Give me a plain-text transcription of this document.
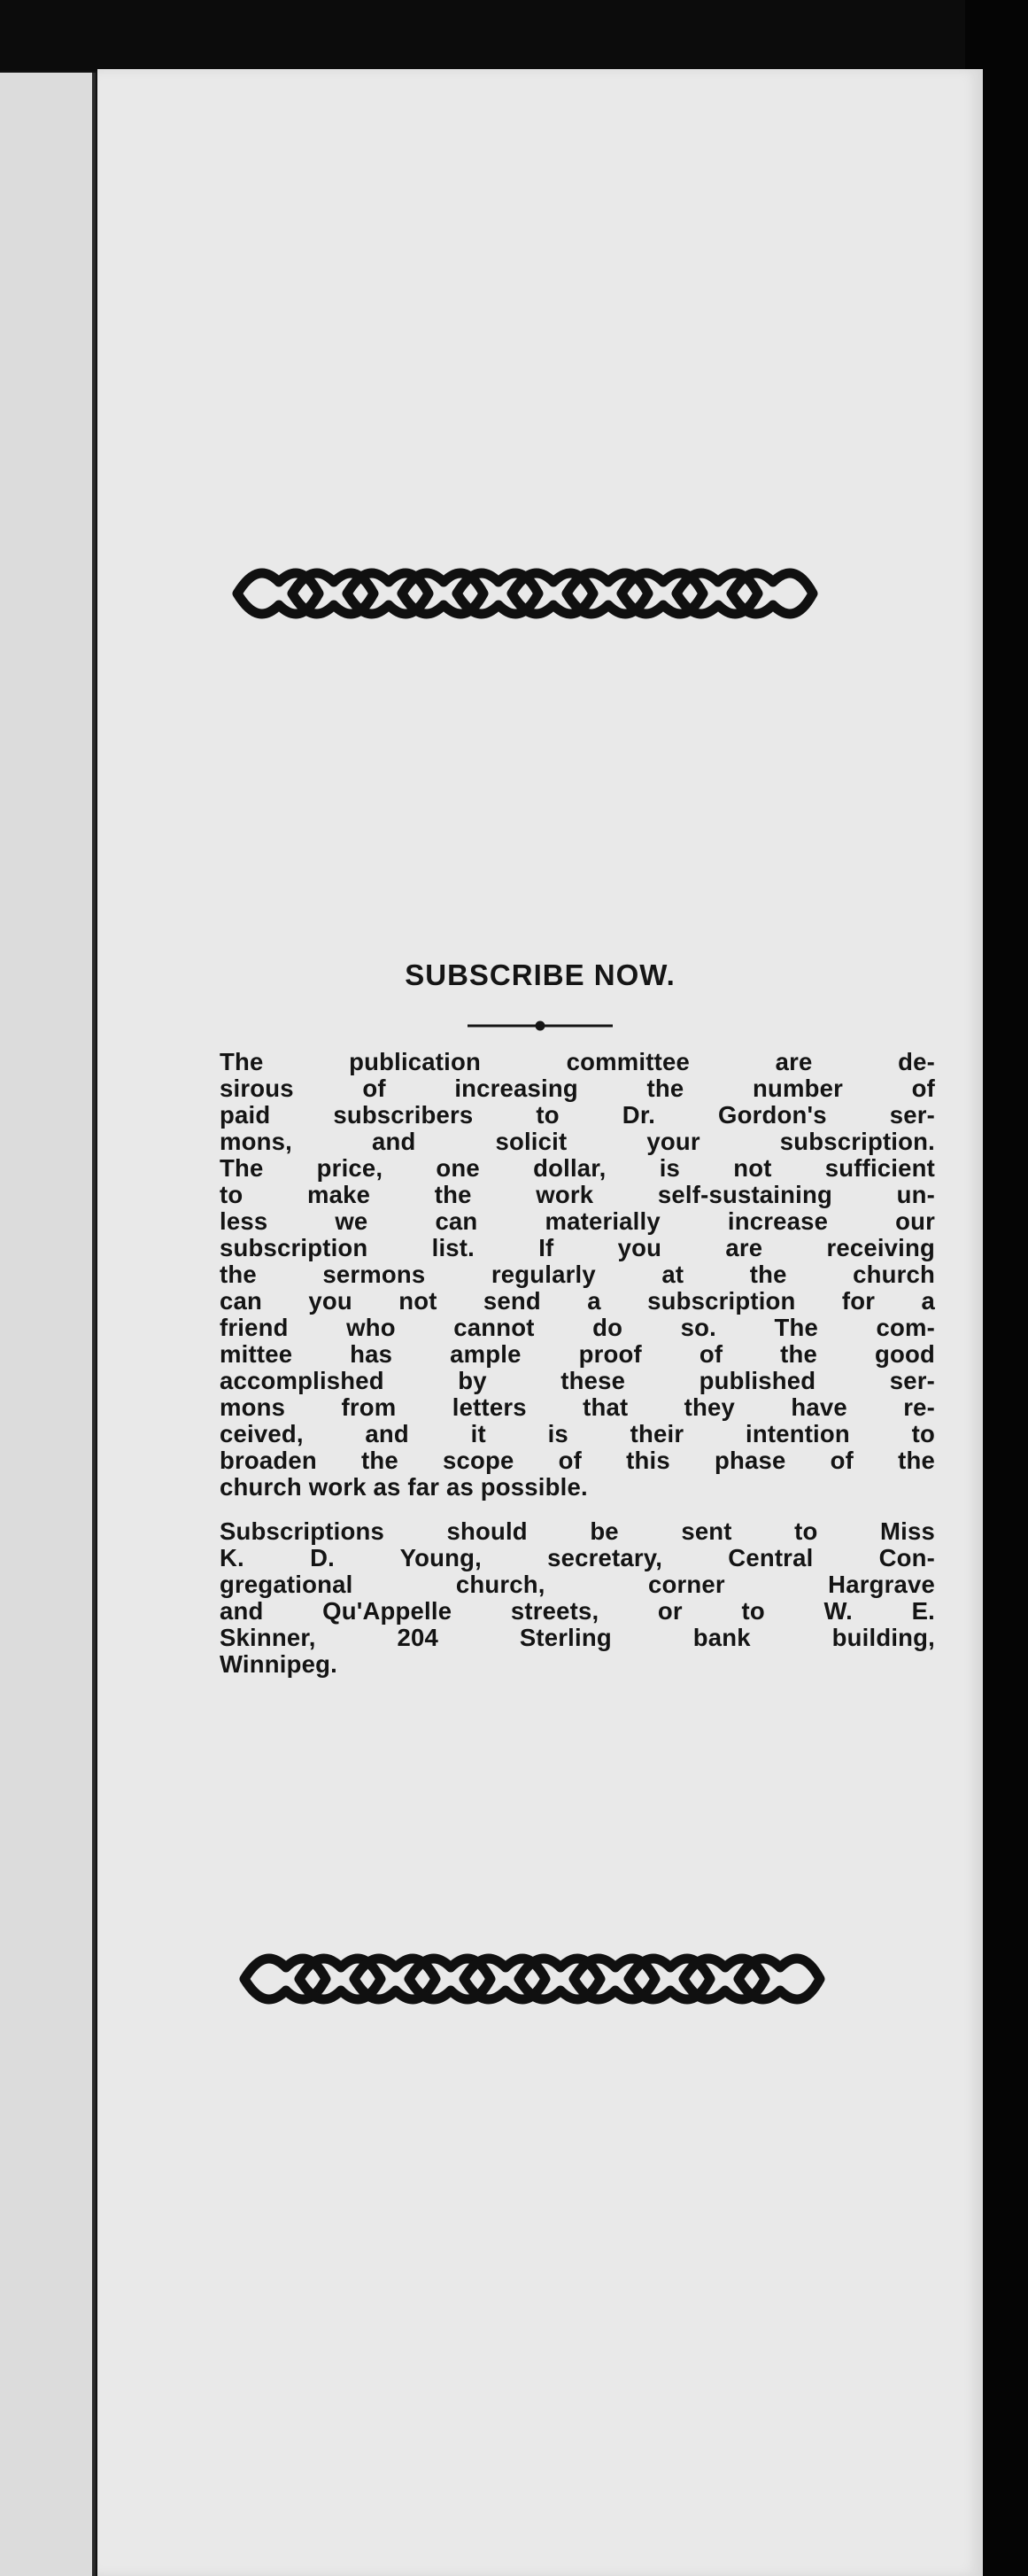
SUBSCRIBE NOW.

The publication committee are de-
sirous of increasing the number of
paid subscribers to Dr. Gordon's ser-
mons, and solicit your subscription.
The price, one dollar, is not sufficient
to make the work self-sustaining un-
less we can materially increase our
subscription list. If you are receiving
the sermons regularly at the church
can you not send a subscription for a
friend who cannot do so. The com-
mittee has ample proof of the good
accomplished by these published ser-
mons from letters that they have re-
ceived, and it is their intention to
broaden the scope of this phase of the
church work as far as possible.

Subscriptions should be sent to Miss
K. D. Young, secretary, Central Con-
gregational church, corner Hargrave
and Qu'Appelle streets, or to W. E.
Skinner, 204 Sterling bank building,
Winnipeg.
